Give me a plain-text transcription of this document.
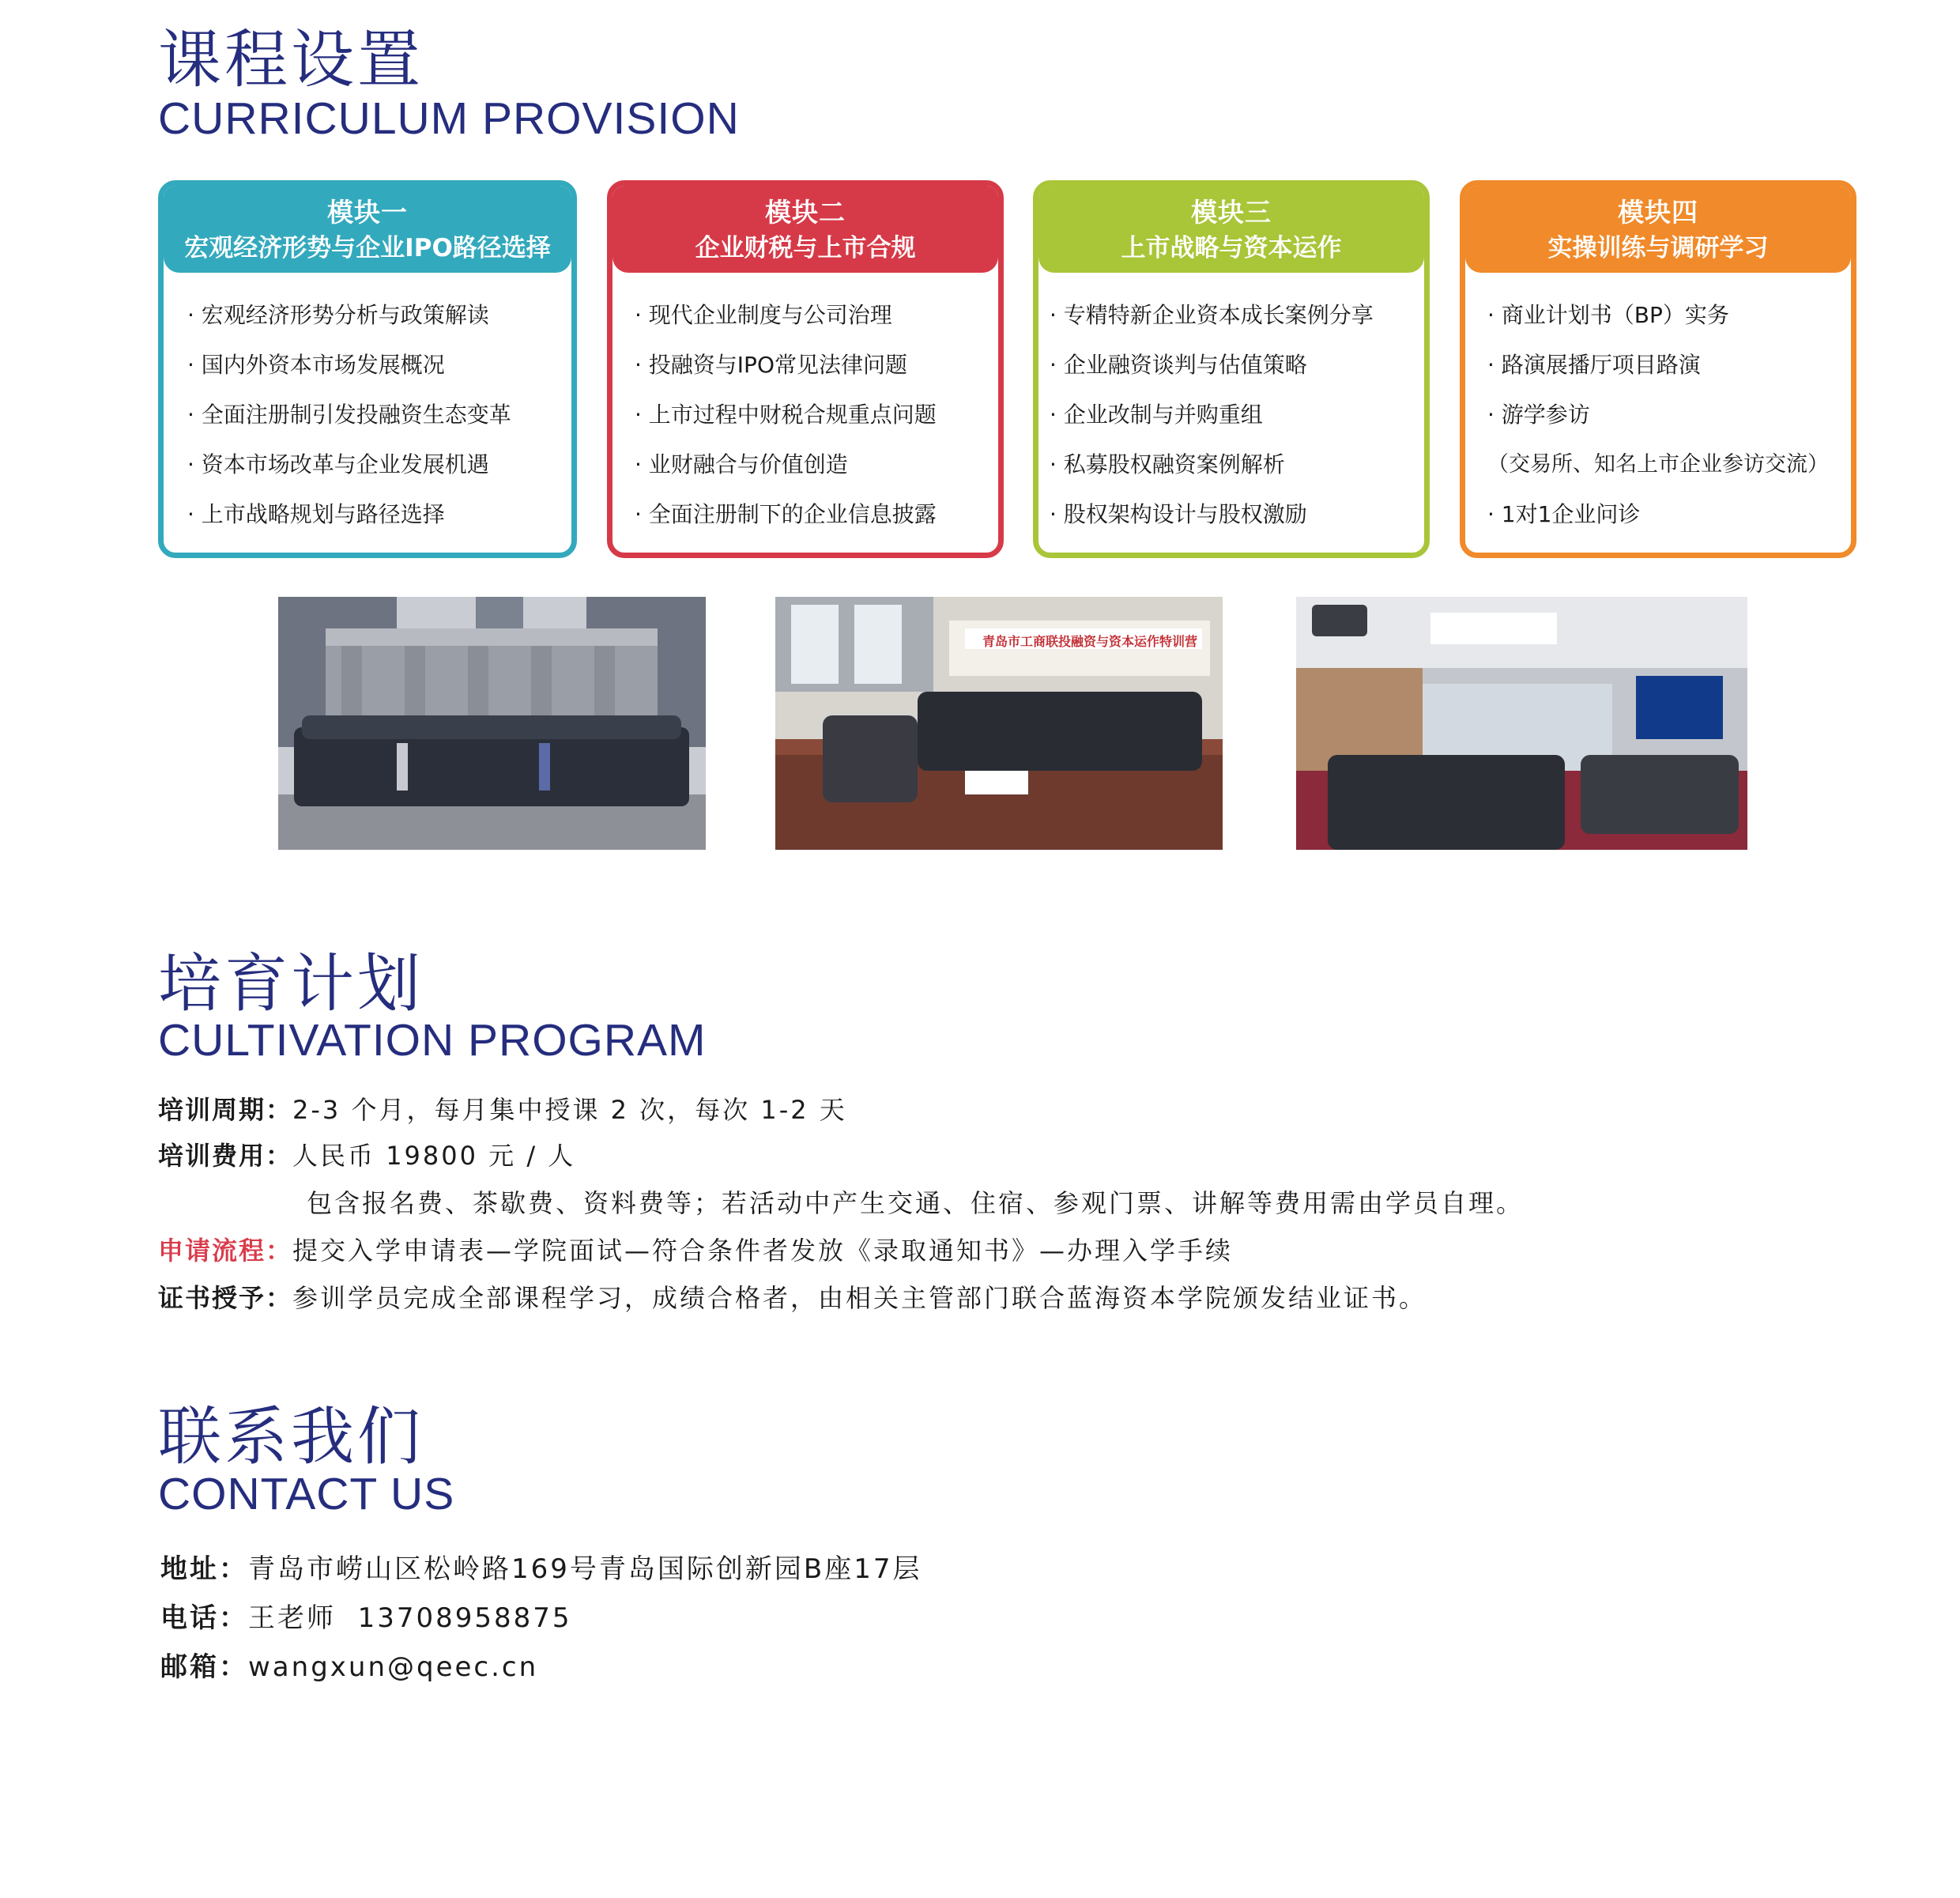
课程设置
CURRICULUM PROVISION
模块一
宏观经济形势与企业IPO路径选择
· 宏观经济形势分析与政策解读
· 国内外资本市场发展概况
· 全面注册制引发投融资生态变革
· 资本市场改革与企业发展机遇
· 上市战略规划与路径选择
模块二
企业财税与上市合规
· 现代企业制度与公司治理
· 投融资与IPO常见法律问题
· 上市过程中财税合规重点问题
· 业财融合与价值创造
· 全面注册制下的企业信息披露
模块三
上市战略与资本运作
· 专精特新企业资本成长案例分享
· 企业融资谈判与估值策略
· 企业改制与并购重组
· 私募股权融资案例解析
· 股权架构设计与股权激励
模块四
实操训练与调研学习
· 商业计划书（BP）实务
· 路演展播厅项目路演
· 游学参访
（交易所、知名上市企业参访交流）
· 1对1企业问诊
青岛市工商联投融资与资本运作特训营
培育计划
CULTIVATION PROGRAM
培训周期：2-3 个月，每月集中授课 2 次，每次 1-2 天
培训费用：人民币 19800 元 / 人
包含报名费、茶歇费、资料费等；若活动中产生交通、住宿、参观门票、讲解等费用需由学员自理。
申请流程：提交入学申请表—学院面试—符合条件者发放《录取通知书》—办理入学手续
证书授予：参训学员完成全部课程学习，成绩合格者，由相关主管部门联合蓝海资本学院颁发结业证书。
联系我们
CONTACT US
地址：青岛市崂山区松岭路169号青岛国际创新园B座17层
电话：王老师  13708958875
邮箱：wangxun@qeec.cn
